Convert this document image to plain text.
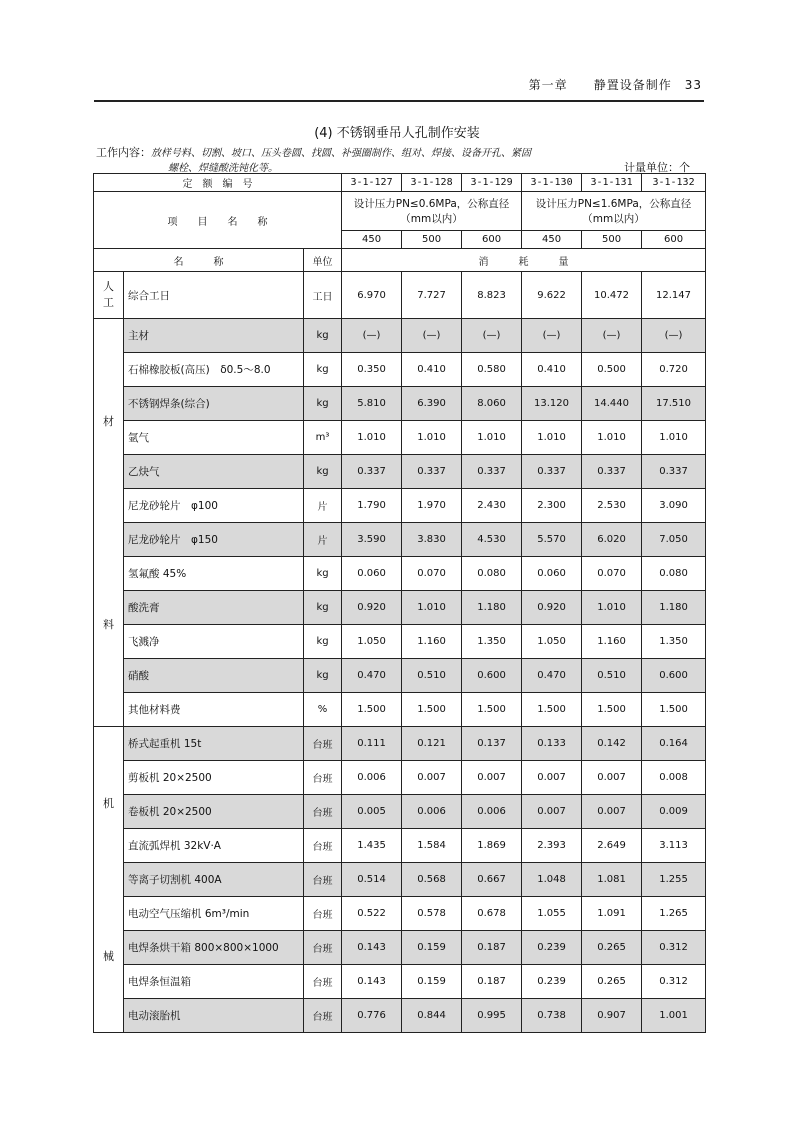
第一章　　 静置设备制作　 33
(4) 不锈钢垂吊人孔制作安装
工作内容：放样号料、切割、坡口、压头卷圆、找圆、补强圈制作、组对、焊接、设备开孔、紧固
螺栓、焊缝酸洗钝化等。	计量单位：个
定　额　编　号			3-1-127	3-1-128	3-1-129	3-1-130	3-1-131	3-1-132
项　　目　　名　　称			设计压力PN≤0.6MPa，公称直径（mm以内）			设计压力PN≤1.6MPa，公称直径（mm以内）		
			450	500	600	450	500	600
名　　　称		单位	消　　　耗　　　量					
人工	综合工日	工日	6.970	7.727	8.823	9.622	10.472	12.147

材
料	主材	kg	(—)	(—)	(—)	(—)	(—)	(—)
	石棉橡胶板(高压)　δ0.5～8.0	kg	0.350	0.410	0.580	0.410	0.500	0.720
	不锈钢焊条(综合)	kg	5.810	6.390	8.060	13.120	14.440	17.510
	氩气	m³	1.010	1.010	1.010	1.010	1.010	1.010
	乙炔气	kg	0.337	0.337	0.337	0.337	0.337	0.337
	尼龙砂轮片　φ100	片	1.790	1.970	2.430	2.300	2.530	3.090
	尼龙砂轮片　φ150	片	3.590	3.830	4.530	5.570	6.020	7.050
	氢氟酸 45%	kg	0.060	0.070	0.080	0.060	0.070	0.080
	酸洗膏	kg	0.920	1.010	1.180	0.920	1.010	1.180
	飞溅净	kg	1.050	1.160	1.350	1.050	1.160	1.350
	硝酸	kg	0.470	0.510	0.600	0.470	0.510	0.600
	其他材料费	%	1.500	1.500	1.500	1.500	1.500	1.500

机
械	桥式起重机 15t	台班	0.111	0.121	0.137	0.133	0.142	0.164
	剪板机 20×2500	台班	0.006	0.007	0.007	0.007	0.007	0.008
	卷板机 20×2500	台班	0.005	0.006	0.006	0.007	0.007	0.009
	直流弧焊机 32kV·A	台班	1.435	1.584	1.869	2.393	2.649	3.113
	等离子切割机 400A	台班	0.514	0.568	0.667	1.048	1.081	1.255
	电动空气压缩机 6m³/min	台班	0.522	0.578	0.678	1.055	1.091	1.265
	电焊条烘干箱 800×800×1000	台班	0.143	0.159	0.187	0.239	0.265	0.312
	电焊条恒温箱	台班	0.143	0.159	0.187	0.239	0.265	0.312
	电动滚胎机	台班	0.776	0.844	0.995	0.738	0.907	1.001
